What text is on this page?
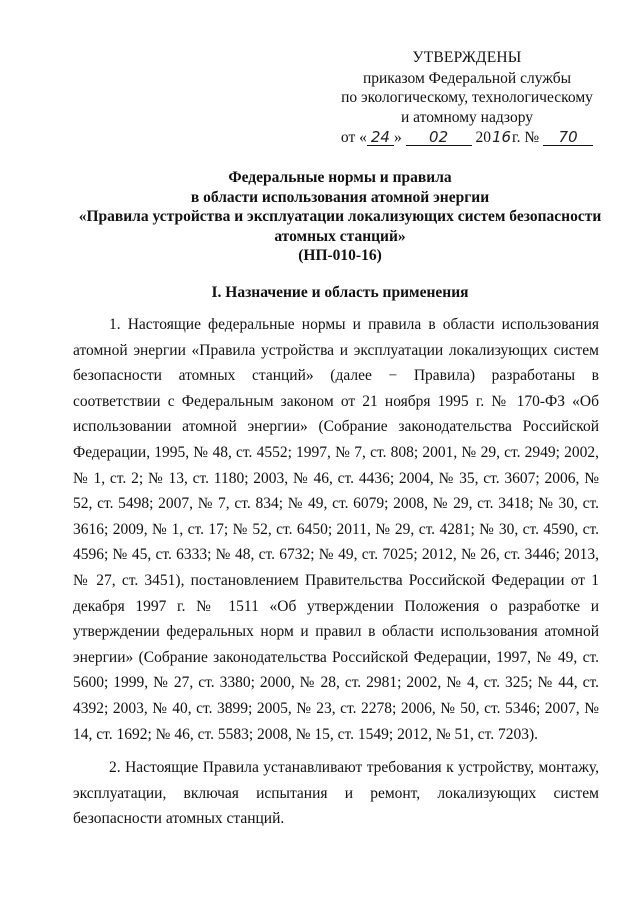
УТВЕРЖДЕНЫ
приказом Федеральной службы
по экологическому, технологическому
и атомному надзору
от « 24 » 02 2016г. № 70
Федеральные нормы и правила
в области использования атомной энергии
«Правила устройства и эксплуатации локализующих систем безопасности
атомных станций»
(НП-010-16)
I. Назначение и область применения

1. Настоящие федеральные нормы и правила в области использования атомной энергии «Правила устройства и эксплуатации локализующих систем безопасности атомных станций» (далее − Правила) разработаны в соответствии с Федеральным законом от 21 ноября 1995 г. № 170-ФЗ «Об использовании атомной энергии» (Собрание законодательства Российской Федерации, 1995, № 48, ст. 4552; 1997, № 7, ст. 808; 2001, № 29, ст. 2949; 2002, № 1, ст. 2; № 13, ст. 1180; 2003, № 46, ст. 4436; 2004, № 35, ст. 3607; 2006, № 52, ст. 5498; 2007, № 7, ст. 834; № 49, ст. 6079; 2008, № 29, ст. 3418; № 30, ст. 3616; 2009, № 1, ст. 17; № 52, ст. 6450; 2011, № 29, ст. 4281; № 30, ст. 4590, ст. 4596; № 45, ст. 6333; № 48, ст. 6732; № 49, ст. 7025; 2012, № 26, ст. 3446; 2013, № 27, ст. 3451), постановлением Правительства Российской Федерации от 1 декабря 1997 г. № 1511 «Об утверждении Положения о разработке и утверждении федеральных норм и правил в области использования атомной энергии» (Собрание законодательства Российской Федерации, 1997, № 49, ст. 5600; 1999, № 27, ст. 3380; 2000, № 28, ст. 2981; 2002, № 4, ст. 325; № 44, ст. 4392; 2003, № 40, ст. 3899; 2005, № 23, ст. 2278; 2006, № 50, ст. 5346; 2007, № 14, ст. 1692; № 46, ст. 5583; 2008, № 15, ст. 1549; 2012, № 51, ст. 7203).

2. Настоящие Правила устанавливают требования к устройству, монтажу, эксплуатации, включая испытания и ремонт, локализующих систем безопасности атомных станций.
